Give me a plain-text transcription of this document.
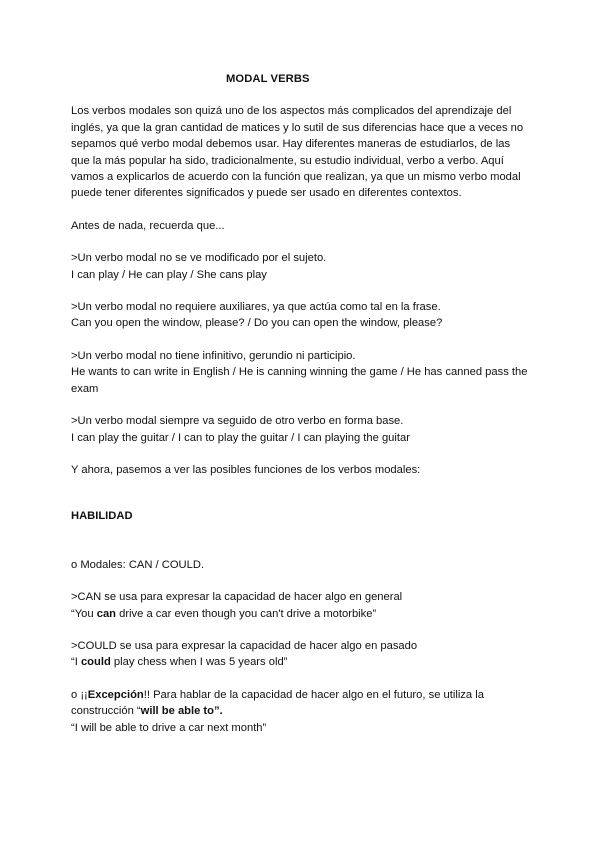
MODAL VERBS
Los verbos modales son quizá uno de los aspectos más complicados del aprendizaje del
inglés, ya que la gran cantidad de matices y lo sutil de sus diferencias hace que a veces no
sepamos qué verbo modal debemos usar. Hay diferentes maneras de estudiarlos, de las
que la más popular ha sido, tradicionalmente, su estudio individual, verbo a verbo. Aquí
vamos a explicarlos de acuerdo con la función que realizan, ya que un mismo verbo modal
puede tener diferentes significados y puede ser usado en diferentes contextos.
Antes de nada, recuerda que...
>Un verbo modal no se ve modificado por el sujeto.
I can play / He can play / She cans play
>Un verbo modal no requiere auxiliares, ya que actúa como tal en la frase.
Can you open the window, please? / Do you can open the window, please?
>Un verbo modal no tiene infinitivo, gerundio ni participio.
He wants to can write in English / He is canning winning the game / He has canned pass the
exam
>Un verbo modal siempre va seguido de otro verbo en forma base.
I can play the guitar / I can to play the guitar / I can playing the guitar
Y ahora, pasemos a ver las posibles funciones de los verbos modales:
HABILIDAD
o Modales: CAN / COULD.
>CAN se usa para expresar la capacidad de hacer algo en general
“You can drive a car even though you can't drive a motorbike”
>COULD se usa para expresar la capacidad de hacer algo en pasado
“I could play chess when I was 5 years old”
o ¡¡Excepción!! Para hablar de la capacidad de hacer algo en el futuro, se utiliza la
construcción “will be able to”.
“I will be able to drive a car next month”
